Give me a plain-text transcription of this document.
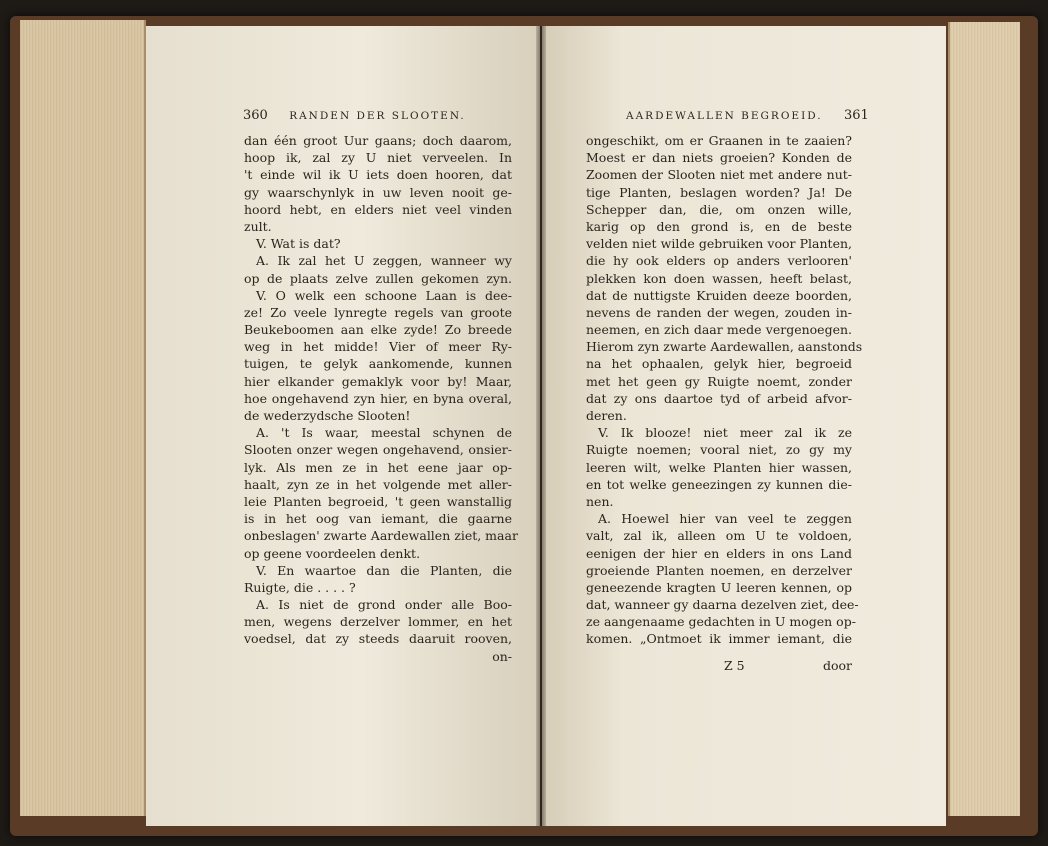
360 RANDEN DER SLOOTEN.
dan één groot Uur gaans; doch daarom,
hoop ik, zal zy U niet verveelen. In
't einde wil ik U iets doen hooren, dat
gy waarschynlyk in uw leven nooit ge-
hoord hebt, en elders niet veel vinden
zult.
V. Wat is dat?
A. Ik zal het U zeggen, wanneer wy
op de plaats zelve zullen gekomen zyn.
V. O welk een schoone Laan is dee-
ze! Zo veele lynregte regels van groote
Beukeboomen aan elke zyde! Zo breede
weg in het midde! Vier of meer Ry-
tuigen, te gelyk aankomende, kunnen
hier elkander gemaklyk voor by! Maar,
hoe ongehavend zyn hier, en byna overal,
de wederzydsche Slooten!
A. 't Is waar, meestal schynen de
Slooten onzer wegen ongehavend, onsier-
lyk. Als men ze in het eene jaar op-
haalt, zyn ze in het volgende met aller-
leie Planten begroeid, 't geen wanstallig
is in het oog van iemant, die gaarne
onbeslagen' zwarte Aardewallen ziet, maar
op geene voordeelen denkt.
V. En waartoe dan die Planten, die
Ruigte, die . . . . ?
A. Is niet de grond onder alle Boo-
men, wegens derzelver lommer, en het
voedsel, dat zy steeds daaruit rooven,
on-
AARDEWALLEN BEGROEID. 361
ongeschikt, om er Graanen in te zaaien?
Moest er dan niets groeien? Konden de
Zoomen der Slooten niet met andere nut-
tige Planten, beslagen worden? Ja! De
Schepper dan, die, om onzen wille,
karig op den grond is, en de beste
velden niet wilde gebruiken voor Planten,
die hy ook elders op anders verlooren'
plekken kon doen wassen, heeft belast,
dat de nuttigste Kruiden deeze boorden,
nevens de randen der wegen, zouden in-
neemen, en zich daar mede vergenoegen.
Hierom zyn zwarte Aardewallen, aanstonds
na het ophaalen, gelyk hier, begroeid
met het geen gy Ruigte noemt, zonder
dat zy ons daartoe tyd of arbeid afvor-
deren.
V. Ik blooze! niet meer zal ik ze
Ruigte noemen; vooral niet, zo gy my
leeren wilt, welke Planten hier wassen,
en tot welke geneezingen zy kunnen die-
nen.
A. Hoewel hier van veel te zeggen
valt, zal ik, alleen om U te voldoen,
eenigen der hier en elders in ons Land
groeiende Planten noemen, en derzelver
geneezende kragten U leeren kennen, op
dat, wanneer gy daarna dezelven ziet, dee-
ze aangenaame gedachten in U mogen op-
komen. „Ontmoet ik immer iemant, die
Z 5	door
